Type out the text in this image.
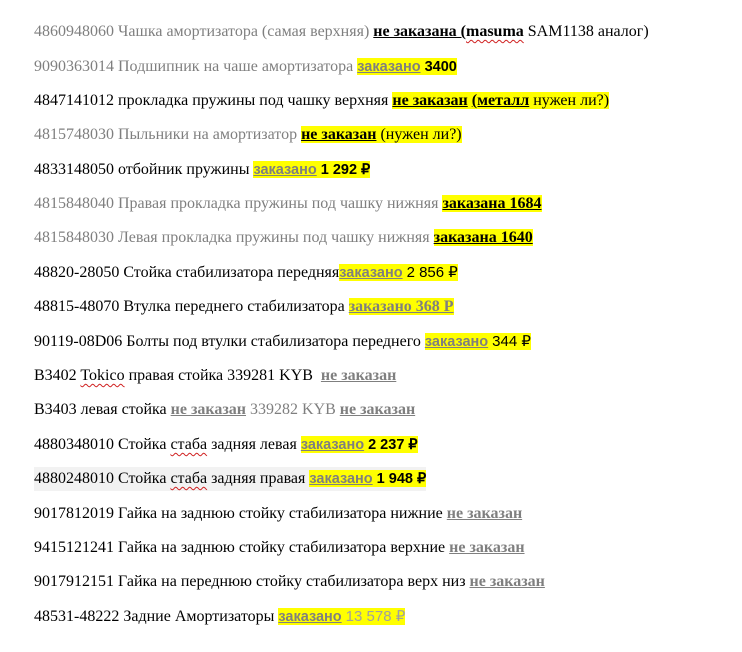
4860948060 Чашка амортизатора (самая верхняя) не заказана (masuma SAM1138 аналог)
9090363014 Подшипник на чаше амортизатора заказано 3400
4847141012 прокладка пружины под чашку верхняя не заказан (металл нужен ли?)
4815748030 Пыльники на амортизатор не заказан (нужен ли?)
4833148050 отбойник пружины заказано 1 292 ₽
4815848040 Правая прокладка пружины под чашку нижняя заказана 1684
4815848030 Левая прокладка пружины под чашку нижняя заказана 1640
48820-28050 Стойка стабилизатора передняязаказано 2 856 ₽
48815-48070 Втулка переднего стабилизатора заказано 368 Р
90119-08D06 Болты под втулки стабилизатора переднего заказано 344 ₽
B3402 Tokico правая стойка 339281 KYB не заказан
B3403 левая стойка не заказан 339282 KYB не заказан
4880348010 Стойка стаба задняя левая заказано 2 237 ₽
4880248010 Стойка стаба задняя правая заказано 1 948 ₽
9017812019 Гайка на заднюю стойку стабилизатора нижние не заказан
9415121241 Гайка на заднюю стойку стабилизатора верхние не заказан
9017912151 Гайка на переднюю стойку стабилизатора верх низ не заказан
48531-48222 Задние Амортизаторы заказано 13 578 ₽
